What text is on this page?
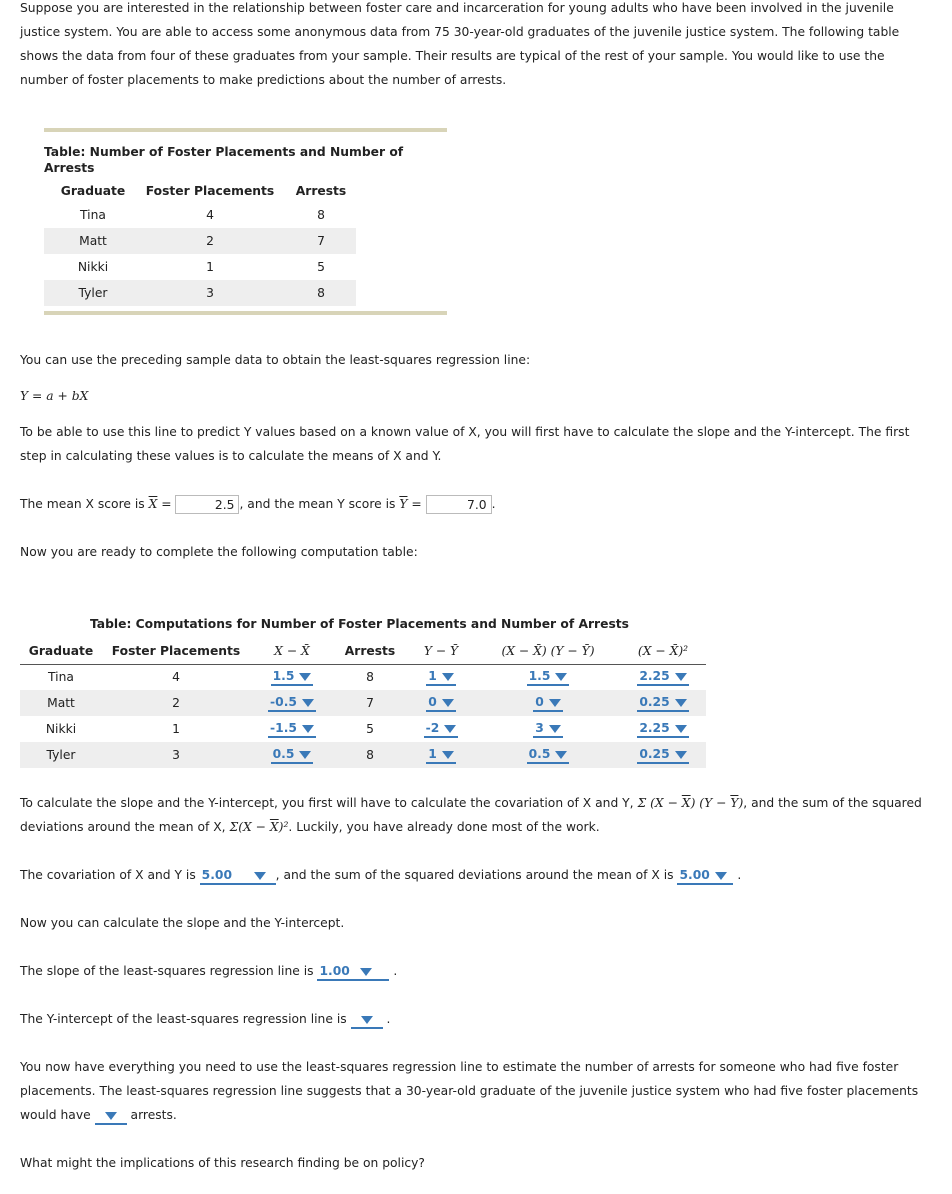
Suppose you are interested in the relationship between foster care and incarceration for young adults who have been involved in the juvenile justice system. You are able to access some anonymous data from 75 30-year-old graduates of the juvenile justice system. The following table shows the data from four of these graduates from your sample. Their results are typical of the rest of your sample. You would like to use the number of foster placements to make predictions about the number of arrests.
Table: Number of Foster Placements and Number of Arrests
Graduate	Foster Placements	Arrests
Tina	4	8
Matt	2	7
Nikki	1	5
Tyler	3	8
You can use the preceding sample data to obtain the least-squares regression line:
Y = a + bX
To be able to use this line to predict Y values based on a known value of X, you will first have to calculate the slope and the Y-intercept. The first step in calculating these values is to calculate the means of X and Y.
The mean X score is $\overline{X}$ =	2.5 , and the mean Y score is $\overline{Y}$ =	7.0 .
Now you are ready to complete the following computation table:
Table: Computations for Number of Foster Placements and Number of Arrests
Graduate	Foster Placements	X − X̄	Arrests	Y − Ȳ	(X − X̄) (Y − Ȳ)	(X − X̄)²
Tina	4	1.5	8	1	1.5	2.25
Matt	2	-0.5	7	0	0	0.25
Nikki	1	-1.5	5	-2	3	2.25
Tyler	3	0.5	8	1	0.5	0.25
To calculate the slope and the Y-intercept, you first will have to calculate the covariation of X and Y, Σ $(X - \overline{X})$ $(Y - \overline{Y})$, and the sum of the squared deviations around the mean of X, $\Sigma(X - \overline{X})^2$. Luckily, you have already done most of the work.
The covariation of X and Y is 5.00	, and the sum of the squared deviations around the mean of X is 5.00 .
Now you can calculate the slope and the Y-intercept.
The slope of the least-squares regression line is 1.00	.
The Y-intercept of the least-squares regression line is	.
You now have everything you need to use the least-squares regression line to estimate the number of arrests for someone who had five foster placements. The least-squares regression line suggests that a 30-year-old graduate of the juvenile justice system who had five foster placements would have	arrests.
What might the implications of this research finding be on policy?
